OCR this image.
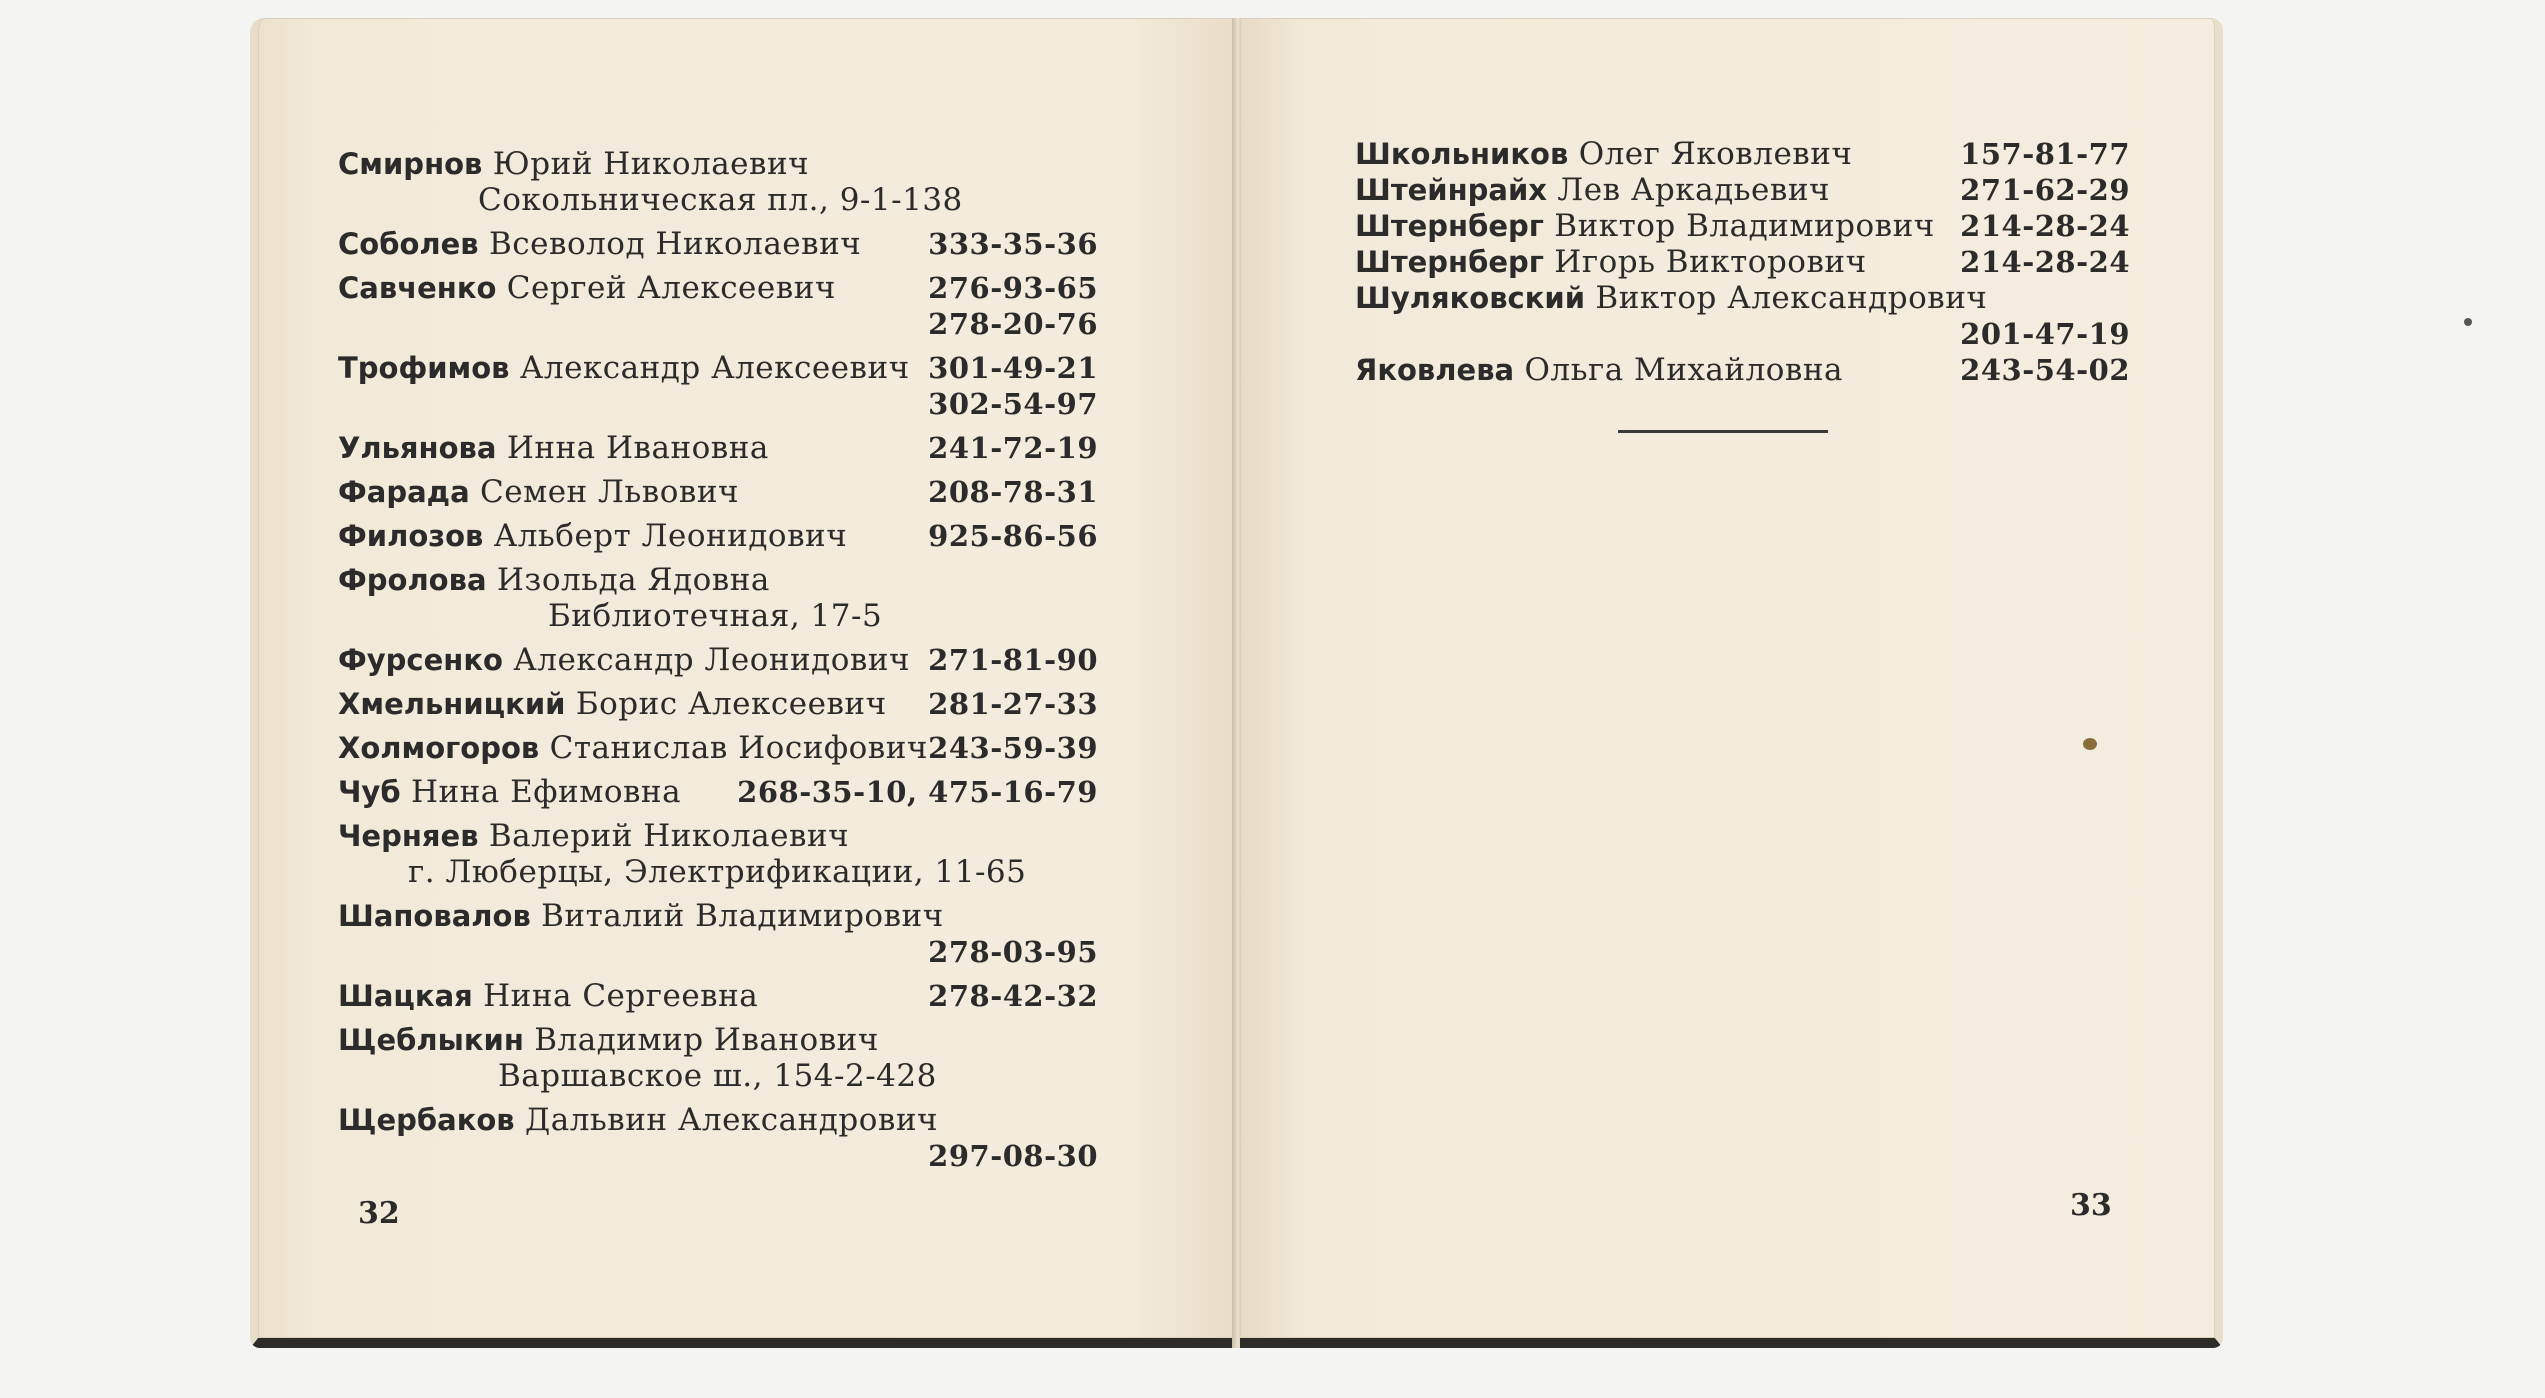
Смирнов Юрий Николаевич
Сокольническая пл., 9-1-138
Соболев Всеволод Николаевич 333-35-36
Савченко Сергей Алексеевич	276-93-65
278-20-76
Трофимов Александр Алексеевич 301-49-21
302-54-97
Ульянова Инна Ивановна	241-72-19
Фарада Семен Львович	208-78-31
Филозов Альберт Леонидович	925-86-56
Фролова Изольда Ядовна
Библиотечная, 17-5
Фурсенко Александр Леонидович 271-81-90
Хмельницкий Борис Алексеевич 281-27-33
Холмогоров Станислав Иосифович 243-59-39
Чуб Нина Ефимовна 268-35-10, 475-16-79
Черняев Валерий Николаевич
г. Люберцы, Электрификации, 11-65
Шаповалов Виталий Владимирович
278-03-95
Шацкая Нина Сергеевна	278-42-32
Щеблыкин Владимир Иванович
Варшавское ш., 154-2-428
Щербаков Дальвин Александрович
297-08-30
32
Школьников Олег Яковлевич	157-81-77
Штейнрайх Лев Аркадьевич	271-62-29
Штернберг Виктор Владимирович 214-28-24
Штернберг Игорь Викторович	214-28-24
Шуляковский Виктор Александрович
201-47-19
Яковлева Ольга Михайловна	243-54-02
33
